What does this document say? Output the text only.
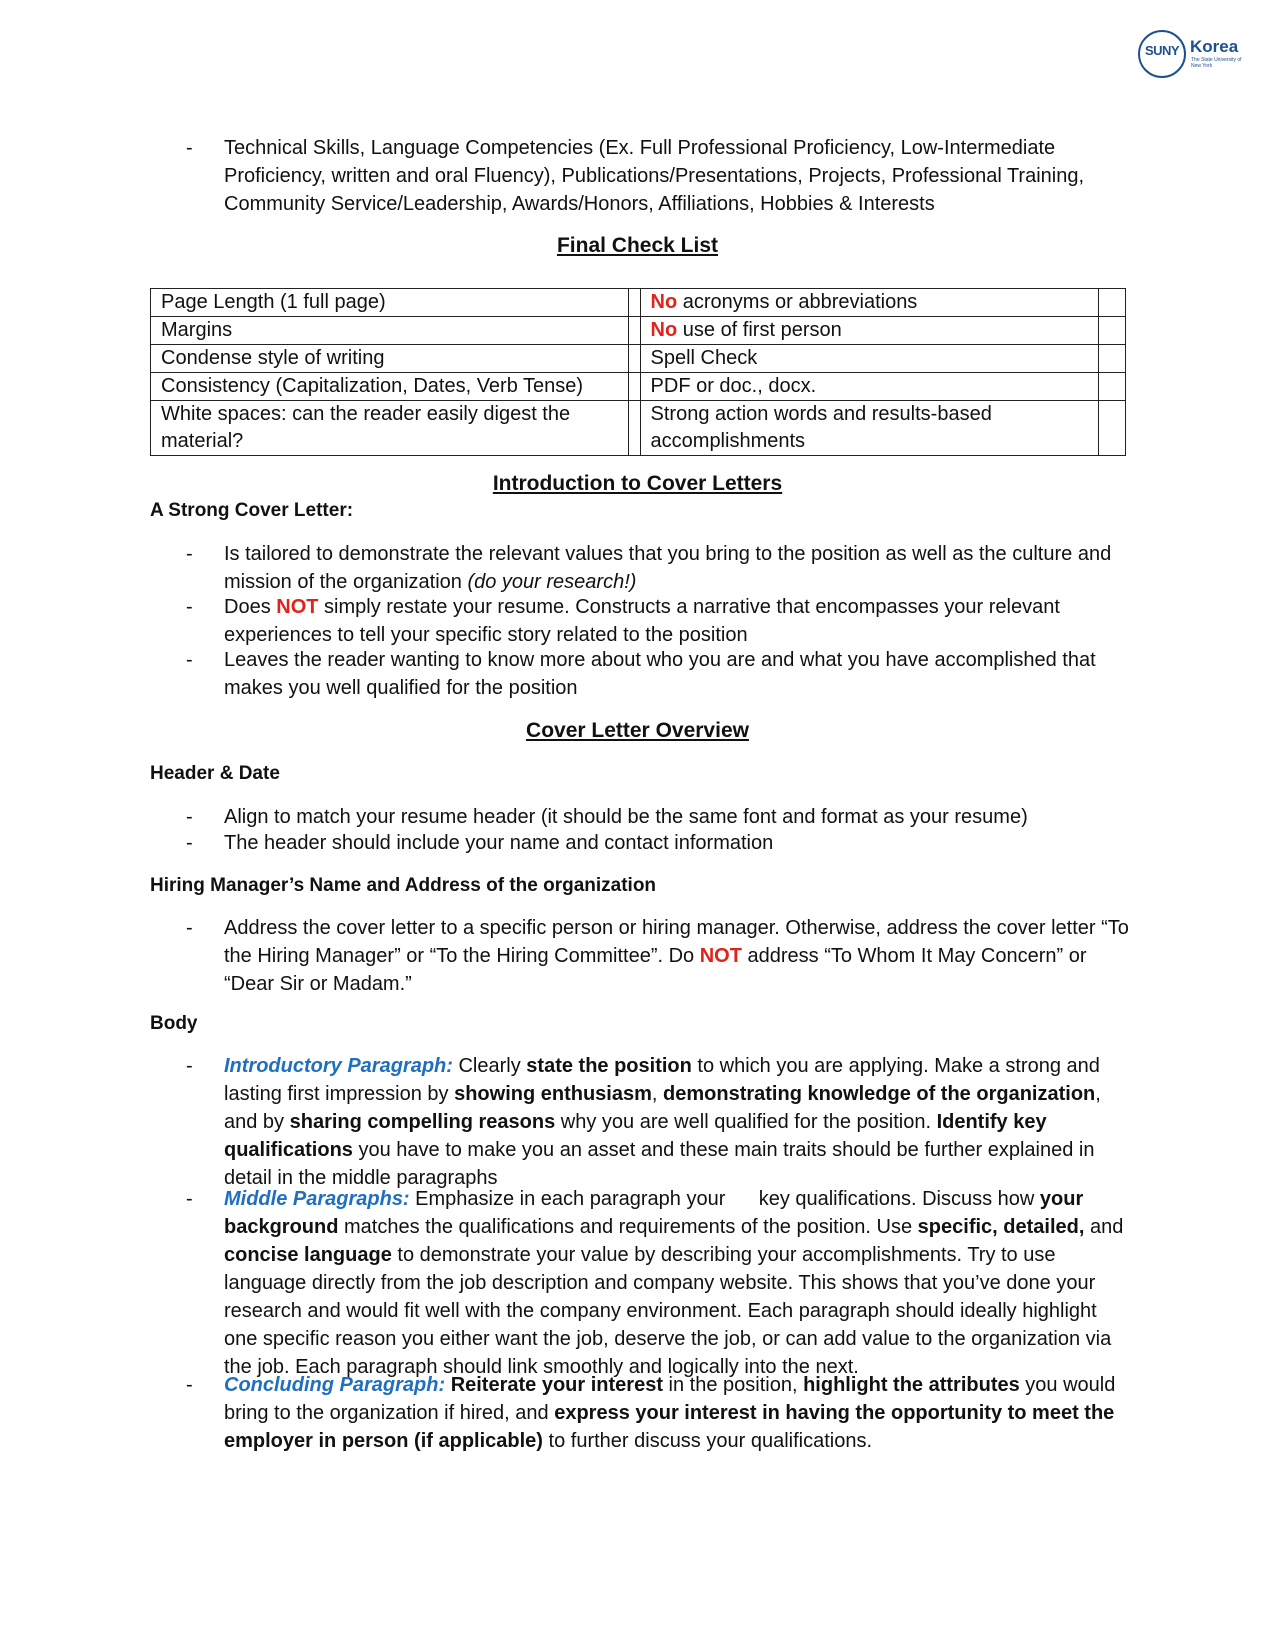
SUNY Korea
The State University of New York
-	Technical Skills, Language Competencies (Ex. Full Professional Proficiency, Low-Intermediate Proficiency, written and oral Fluency), Publications/Presentations, Projects, Professional Training, Community Service/Leadership, Awards/Honors, Affiliations, Hobbies & Interests
Final Check List
Page Length (1 full page)		No acronyms or abbreviations	
Margins		No use of first person	
Condense style of writing		Spell Check	
Consistency (Capitalization, Dates, Verb Tense)		PDF or doc., docx.	
White spaces: can the reader easily digest the material?		Strong action words and results-based accomplishments	
Introduction to Cover Letters
A Strong Cover Letter:
-	Is tailored to demonstrate the relevant values that you bring to the position as well as the culture and mission of the organization (do your research!)
-	Does NOT simply restate your resume. Constructs a narrative that encompasses your relevant experiences to tell your specific story related to the position
-	Leaves the reader wanting to know more about who you are and what you have accomplished that makes you well qualified for the position
Cover Letter Overview
Header & Date
-	Align to match your resume header (it should be the same font and format as your resume)
-	The header should include your name and contact information
Hiring Manager’s Name and Address of the organization
-	Address the cover letter to a specific person or hiring manager. Otherwise, address the cover letter “To the Hiring Manager” or “To the Hiring Committee”. Do NOT address “To Whom It May Concern” or “Dear Sir or Madam.”
Body
-	Introductory Paragraph: Clearly state the position to which you are applying. Make a strong and lasting first impression by showing enthusiasm, demonstrating knowledge of the organization, and by sharing compelling reasons why you are well qualified for the position. Identify key qualifications you have to make you an asset and these main traits should be further explained in detail in the middle paragraphs
-	Middle Paragraphs: Emphasize in each paragraph your      key qualifications. Discuss how your background matches the qualifications and requirements of the position. Use specific, detailed, and concise language to demonstrate your value by describing your accomplishments. Try to use language directly from the job description and company website. This shows that you’ve done your research and would fit well with the company environment. Each paragraph should ideally highlight one specific reason you either want the job, deserve the job, or can add value to the organization via the job. Each paragraph should link smoothly and logically into the next.
-	Concluding Paragraph: Reiterate your interest in the position, highlight the attributes you would bring to the organization if hired, and express your interest in having the opportunity to meet the employer in person (if applicable) to further discuss your qualifications.
